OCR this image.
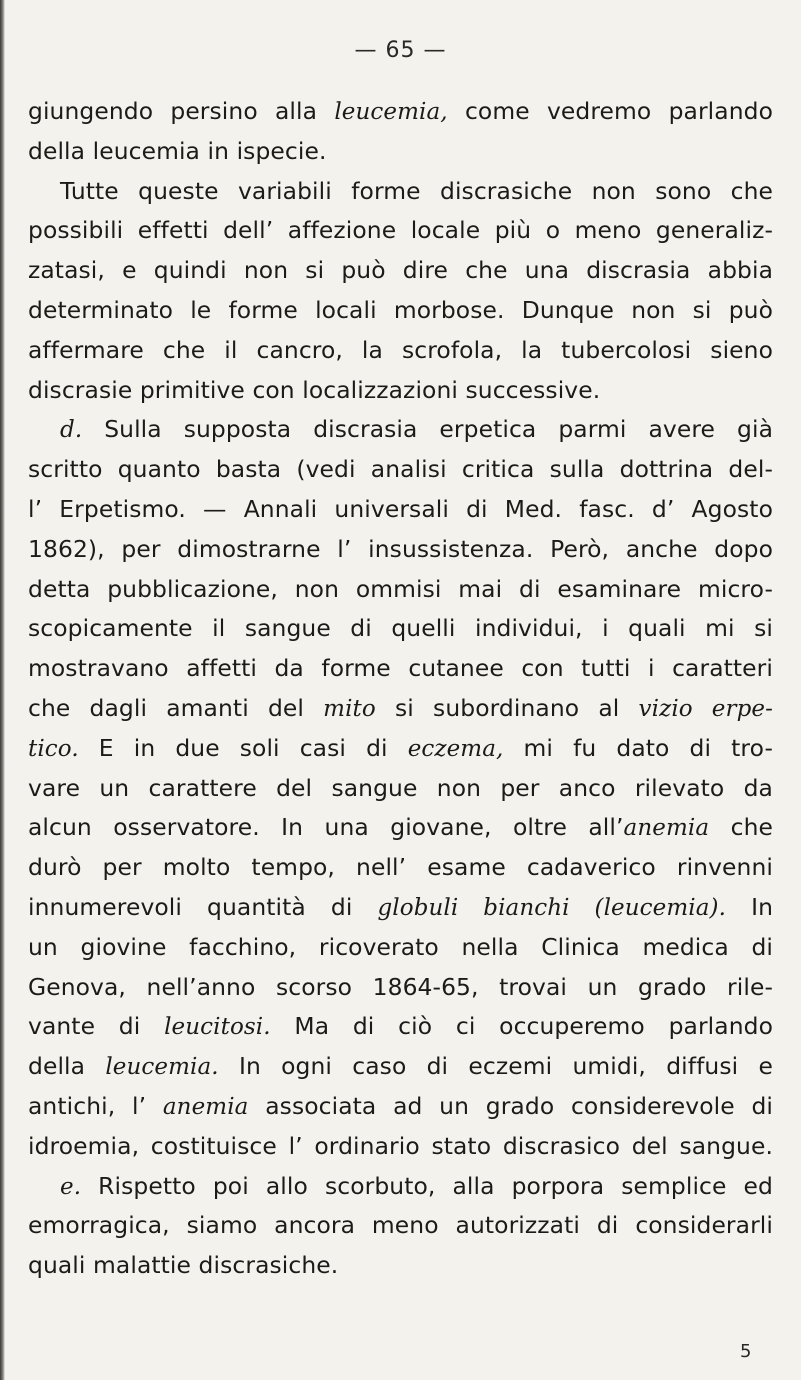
— 65 —
giungendo persino alla leucemia, come vedremo parlando
della leucemia in ispecie.
Tutte queste variabili forme discrasiche non sono che
possibili effetti dell’ affezione locale più o meno generaliz-
zatasi, e quindi non si può dire che una discrasia abbia
determinato le forme locali morbose. Dunque non si può
affermare che il cancro, la scrofola, la tubercolosi sieno
discrasie primitive con localizzazioni successive.
d. Sulla supposta discrasia erpetica parmi avere già
scritto quanto basta (vedi analisi critica sulla dottrina del-
l’ Erpetismo. — Annali universali di Med. fasc. d’ Agosto
1862), per dimostrarne l’ insussistenza. Però, anche dopo
detta pubblicazione, non ommisi mai di esaminare micro-
scopicamente il sangue di quelli individui, i quali mi si
mostravano affetti da forme cutanee con tutti i caratteri
che dagli amanti del mito si subordinano al vizio erpe-
tico. E in due soli casi di eczema, mi fu dato di tro-
vare un carattere del sangue non per anco rilevato da
alcun osservatore. In una giovane, oltre all’anemia che
durò per molto tempo, nell’ esame cadaverico rinvenni
innumerevoli quantità di globuli bianchi (leucemia). In
un giovine facchino, ricoverato nella Clinica medica di
Genova, nell’anno scorso 1864-65, trovai un grado rile-
vante di leucitosi. Ma di ciò ci occuperemo parlando
della leucemia. In ogni caso di eczemi umidi, diffusi e
antichi, l’ anemia associata ad un grado considerevole di
idroemia, costituisce l’ ordinario stato discrasico del sangue.
e. Rispetto poi allo scorbuto, alla porpora semplice ed
emorragica, siamo ancora meno autorizzati di considerarli
quali malattie discrasiche.
5
